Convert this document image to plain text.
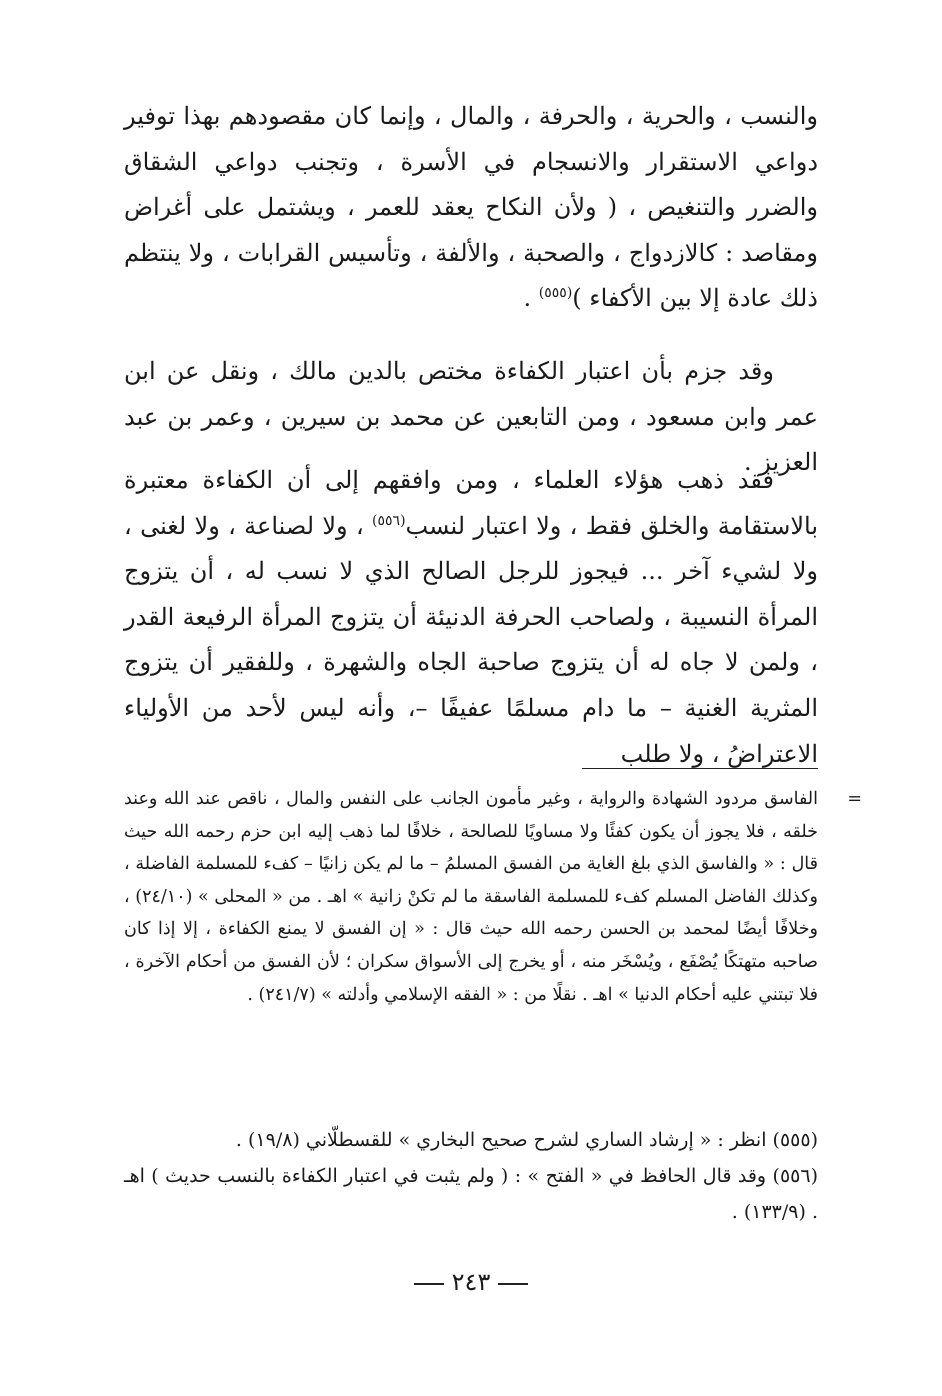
والنسب ، والحرية ، والحرفة ، والمال ، وإنما كان مقصودهم بهذا توفير دواعي الاستقرار والانسجام في الأسرة ، وتجنب دواعي الشقاق والضرر والتنغيص ، ( ولأن النكاح يعقد للعمر ، ويشتمل على أغراض ومقاصد : كالازدواج ، والصحبة ، والألفة ، وتأسيس القرابات ، ولا ينتظم ذلك عادة إلا بين الأكفاء )$^{(٥٥٥)}$ .

وقد جزم بأن اعتبار الكفاءة مختص بالدين مالك ، ونقل عن ابن عمر وابن مسعود ، ومن التابعين عن محمد بن سيرين ، وعمر بن عبد العزيز .

فقد ذهب هؤلاء العلماء ، ومن وافقهم إلى أن الكفاءة معتبرة بالاستقامة والخلق فقط ، ولا اعتبار لنسب$^{(٥٥٦)}$ ، ولا لصناعة ، ولا لغنى ، ولا لشيء آخر ... فيجوز للرجل الصالح الذي لا نسب له ، أن يتزوج المرأة النسيبة ، ولصاحب الحرفة الدنيئة أن يتزوج المرأة الرفيعة القدر ، ولمن لا جاه له أن يتزوج صاحبة الجاه والشهرة ، وللفقير أن يتزوج المثرية الغنية – ما دام مسلمًا عفيفًا –، وأنه ليس لأحد من الأولياء الاعتراضُ ، ولا طلب

=
الفاسق مردود الشهادة والرواية ، وغير مأمون الجانب على النفس والمال ، ناقص عند الله وعند خلقه ، فلا يجوز أن يكون كفئًا ولا مساويًا للصالحة ، خلافًا لما ذهب إليه ابن حزم رحمه الله حيث قال : « والفاسق الذي بلغ الغاية من الفسق المسلمُ – ما لم يكن زانيًا – كفء للمسلمة الفاضلة ، وكذلك الفاضل المسلم كفء للمسلمة الفاسقة ما لم تكنْ زانية » اهـ . من « المحلى » (٢٤/١٠) ، وخلافًا أيضًا لمحمد بن الحسن رحمه الله حيث قال : « إن الفسق لا يمنع الكفاءة ، إلا إذا كان صاحبه متهتكًا يُصْفَع ، ويُسْخَر منه ، أو يخرج إلى الأسواق سكران ؛ لأن الفسق من أحكام الآخرة ، فلا تبتني عليه أحكام الدنيا » اهـ . نقلًا من : « الفقه الإسلامي وأدلته » (٢٤١/٧) .
(٥٥٥) انظر : « إرشاد الساري لشرح صحيح البخاري » للقسطلّاني (١٩/٨) .
(٥٥٦) وقد قال الحافظ في « الفتح » : ( ولم يثبت في اعتبار الكفاءة بالنسب حديث ) اهـ . (١٣٣/٩) .
٢٤٣
